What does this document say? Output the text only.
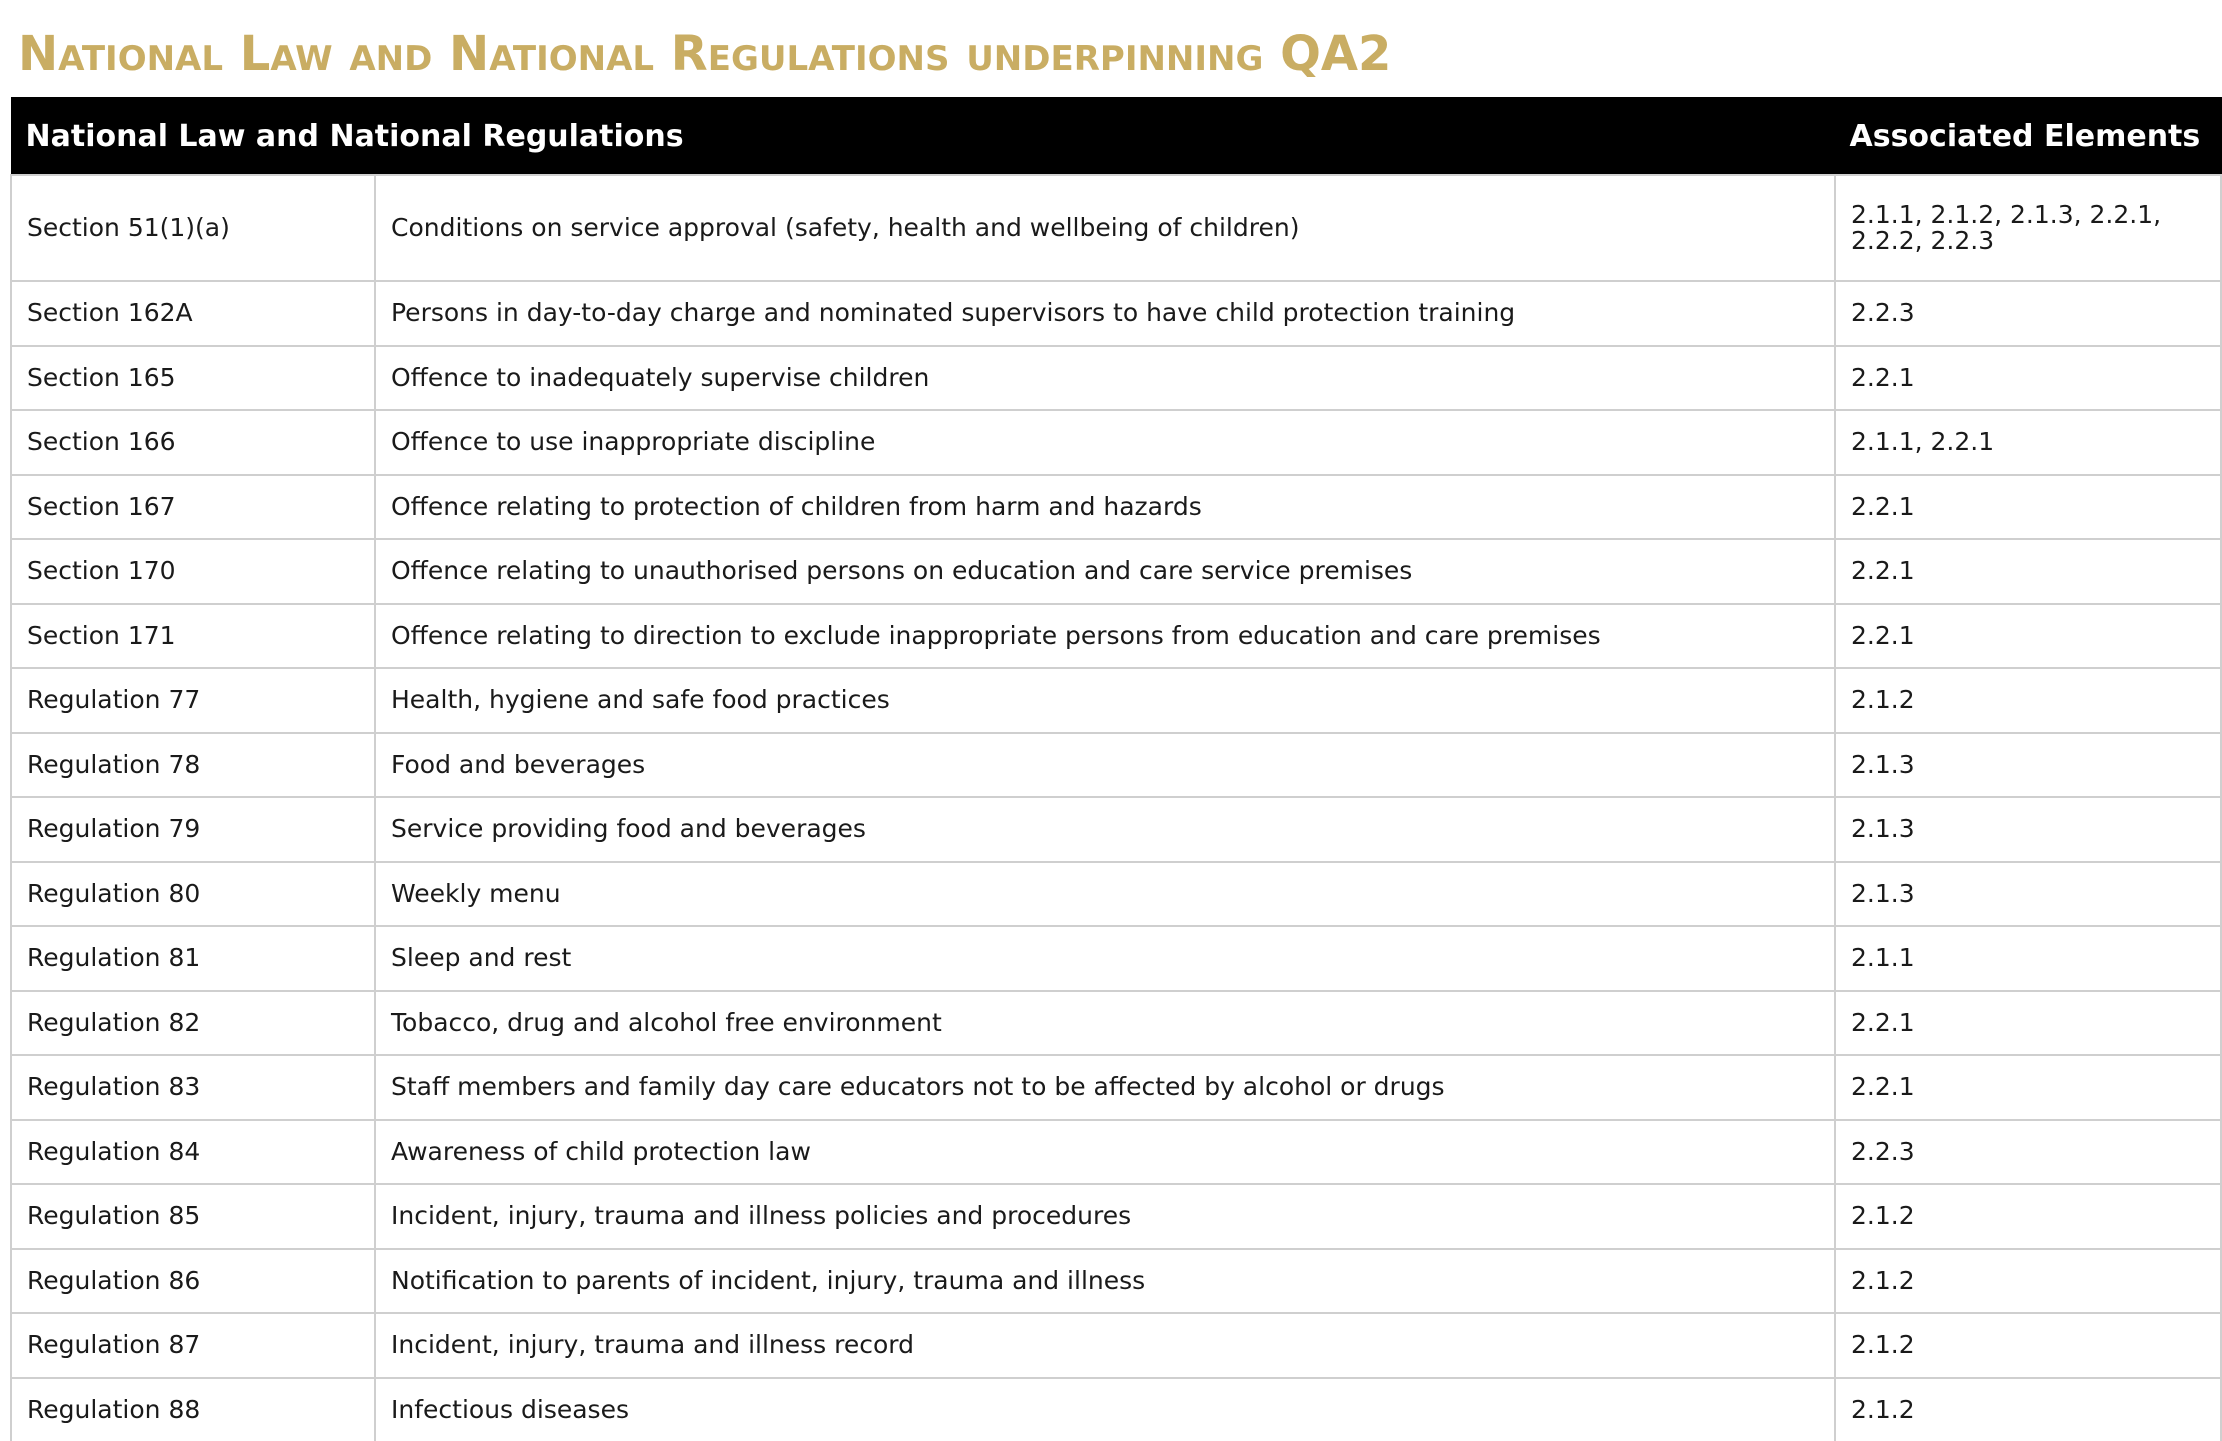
National Law and National Regulations underpinning QA2
National Law and National Regulations		Associated Elements
Section 51(1)(a)	Conditions on service approval (safety, health and wellbeing of children)	2.1.1, 2.1.2, 2.1.3, 2.2.1, 2.2.2, 2.2.3
Section 162A	Persons in day-to-day charge and nominated supervisors to have child protection training	2.2.3
Section 165	Offence to inadequately supervise children	2.2.1
Section 166	Offence to use inappropriate discipline	2.1.1, 2.2.1
Section 167	Offence relating to protection of children from harm and hazards	2.2.1
Section 170	Offence relating to unauthorised persons on education and care service premises	2.2.1
Section 171	Offence relating to direction to exclude inappropriate persons from education and care premises	2.2.1
Regulation 77	Health, hygiene and safe food practices	2.1.2
Regulation 78	Food and beverages	2.1.3
Regulation 79	Service providing food and beverages	2.1.3
Regulation 80	Weekly menu	2.1.3
Regulation 81	Sleep and rest	2.1.1
Regulation 82	Tobacco, drug and alcohol free environment	2.2.1
Regulation 83	Staff members and family day care educators not to be affected by alcohol or drugs	2.2.1
Regulation 84	Awareness of child protection law	2.2.3
Regulation 85	Incident, injury, trauma and illness policies and procedures	2.1.2
Regulation 86	Notification to parents of incident, injury, trauma and illness	2.1.2
Regulation 87	Incident, injury, trauma and illness record	2.1.2
Regulation 88	Infectious diseases	2.1.2
